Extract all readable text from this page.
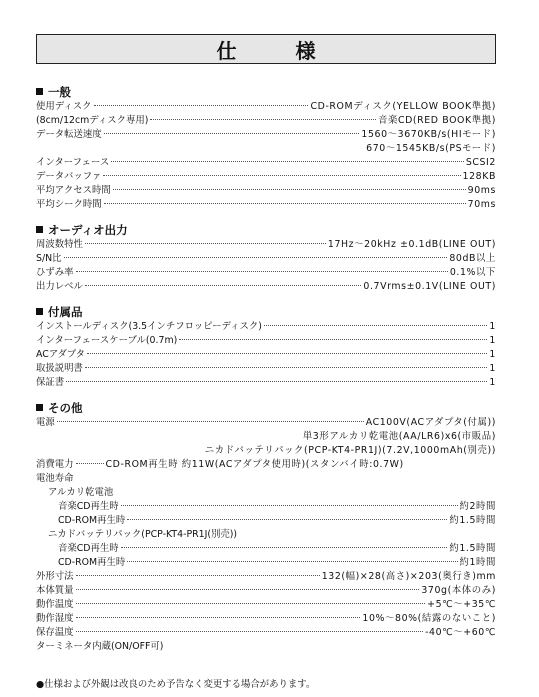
仕 様
一般
使用ディスク	CD-ROMディスク(YELLOW BOOK準拠)
(8cm/12cmディスク専用)	音楽CD(RED BOOK準拠)
データ転送速度	1560〜3670KB/s(HIモード)
670〜1545KB/s(PSモード)
インターフェース	SCSI2
データバッファ	128KB
平均アクセス時間	90ms
平均シーク時間	70ms
オーディオ出力
周波数特性	17Hz〜20kHz ±0.1dB(LINE OUT)
S/N比	80dB以上
ひずみ率	0.1%以下
出力レベル	0.7Vrms±0.1V(LINE OUT)
付属品
インストールディスク(3.5インチフロッピーディスク)	1
インターフェースケーブル(0.7m)	1
ACアダプタ	1
取扱説明書	1
保証書	1
その他
電源	AC100V(ACアダプタ(付属))
単3形アルカリ乾電池(AA/LR6)x6(市販品)
ニカドバッテリパック(PCP-KT4-PR1J)(7.2V,1000mAh(別売))
消費電力	CD-ROM再生時 約11W(ACアダプタ使用時)(スタンバイ時:0.7W)
電池寿命
アルカリ乾電池
音楽CD再生時	約2時間
CD-ROM再生時	約1.5時間
ニカドバッテリパック(PCP-KT4-PR1J(別売))
音楽CD再生時	約1.5時間
CD-ROM再生時	約1時間
外形寸法	132(幅)×28(高さ)×203(奥行き)mm
本体質量	370g(本体のみ)
動作温度	+5℃〜+35℃
動作湿度	10%〜80%(結露のないこと)
保存温度	-40℃〜+60℃
ターミネータ内蔵(ON/OFF可)
●仕様および外観は改良のため予告なく変更する場合があります。
